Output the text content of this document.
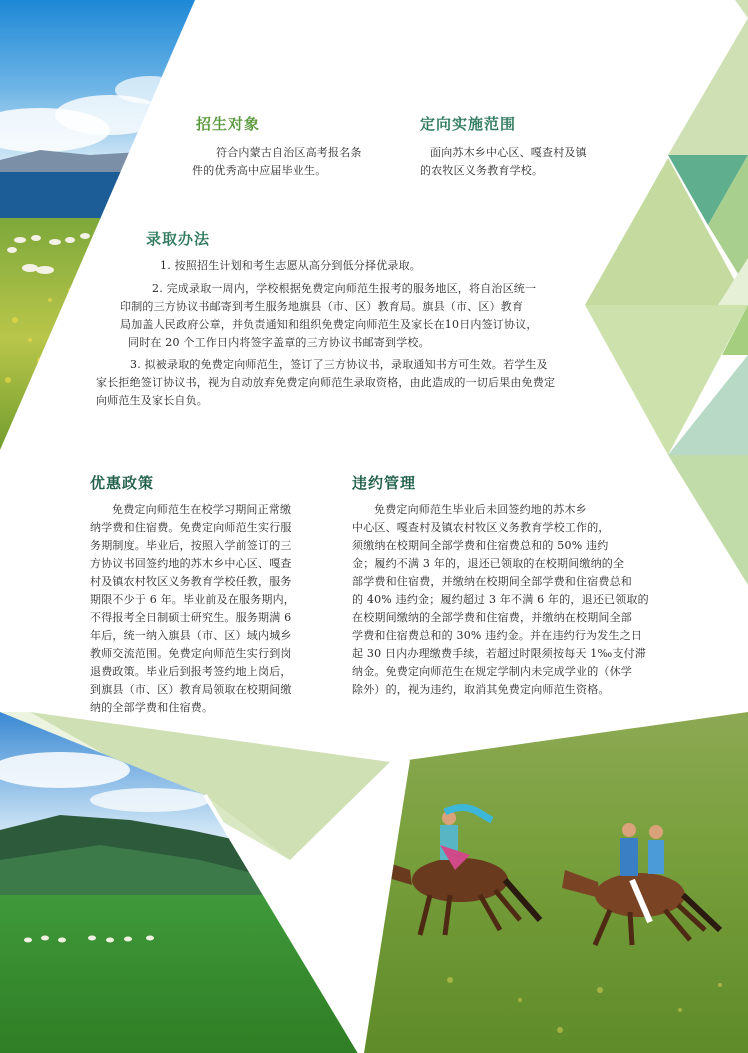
招生对象
符合内蒙古自治区高考报名条
件的优秀高中应届毕业生。
定向实施范围
面向苏木乡中心区、嘎查村及镇
的农牧区义务教育学校。
录取办法
1. 按照招生计划和考生志愿从高分到低分择优录取。
2. 完成录取一周内，学校根据免费定向师范生报考的服务地区，将自治区统一
印制的三方协议书邮寄到考生服务地旗县（市、区）教育局。旗县（市、区）教育
局加盖人民政府公章，并负责通知和组织免费定向师范生及家长在10日内签订协议，
同时在 20 个工作日内将签字盖章的三方协议书邮寄到学校。
3. 拟被录取的免费定向师范生，签订了三方协议书，录取通知书方可生效。若学生及
家长拒绝签订协议书，视为自动放弃免费定向师范生录取资格，由此造成的一切后果由免费定
向师范生及家长自负。
优惠政策
免费定向师范生在校学习期间正常缴
纳学费和住宿费。免费定向师范生实行服
务期制度。毕业后，按照入学前签订的三
方协议书回签约地的苏木乡中心区、嘎查
村及镇农村牧区义务教育学校任教，服务
期限不少于 6 年。毕业前及在服务期内，
不得报考全日制硕士研究生。服务期满 6
年后，统一纳入旗县（市、区）域内城乡
教师交流范围。免费定向师范生实行到岗
退费政策。毕业后到报考签约地上岗后，
到旗县（市、区）教育局领取在校期间缴
纳的全部学费和住宿费。
违约管理
免费定向师范生毕业后未回签约地的苏木乡
中心区、嘎查村及镇农村牧区义务教育学校工作的，
须缴纳在校期间全部学费和住宿费总和的 50% 违约
金；履约不满 3 年的，退还已领取的在校期间缴纳的全
部学费和住宿费，并缴纳在校期间全部学费和住宿费总和
的 40% 违约金；履约超过 3 年不满 6 年的，退还已领取的
在校期间缴纳的全部学费和住宿费，并缴纳在校期间全部
学费和住宿费总和的 30% 违约金。并在违约行为发生之日
起 30 日内办理缴费手续，若超过时限须按每天 1‰支付滞
纳金。免费定向师范生在规定学制内未完成学业的（休学
除外）的，视为违约，取消其免费定向师范生资格。
